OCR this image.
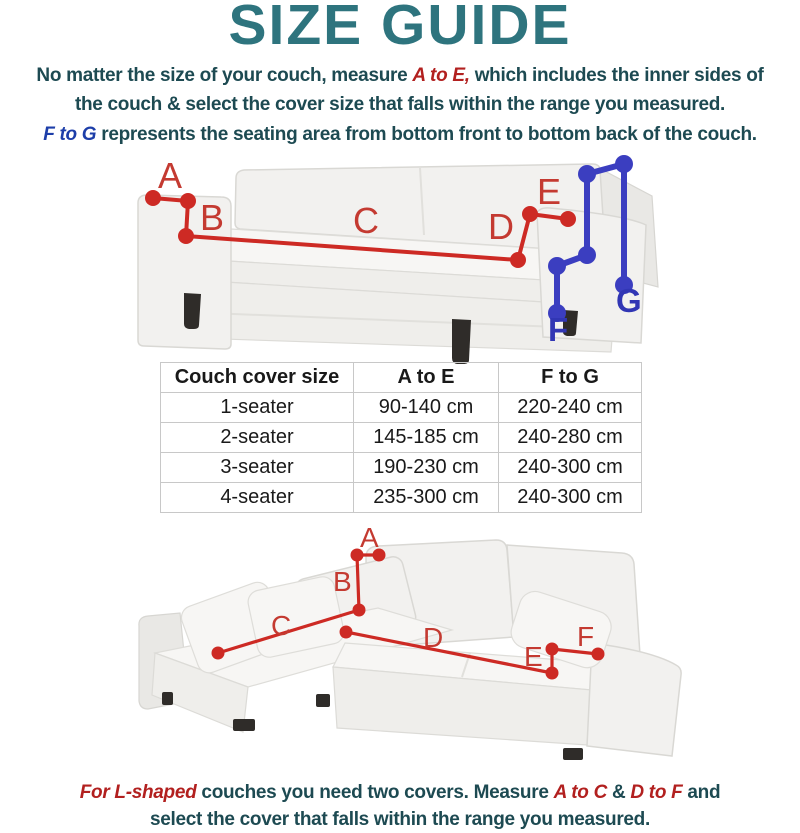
SIZE GUIDE

No matter the size of your couch, measure A to E, which includes the inner sides of
the couch & select the cover size that falls within the range you measured.

F to G represents the seating area from bottom front to bottom back of the couch.

F
G
A
B	C	D
E
Couch cover size	A to E	F to G
1-seater	90-140 cm	220-240 cm
2-seater	145-185 cm	240-280 cm
3-seater	190-230 cm	240-300 cm
4-seater	235-300 cm	240-300 cm
A
B
C	D
E
F

For L-shaped couches you need two covers. Measure A to C & D to F and
select the cover that falls within the range you measured.
